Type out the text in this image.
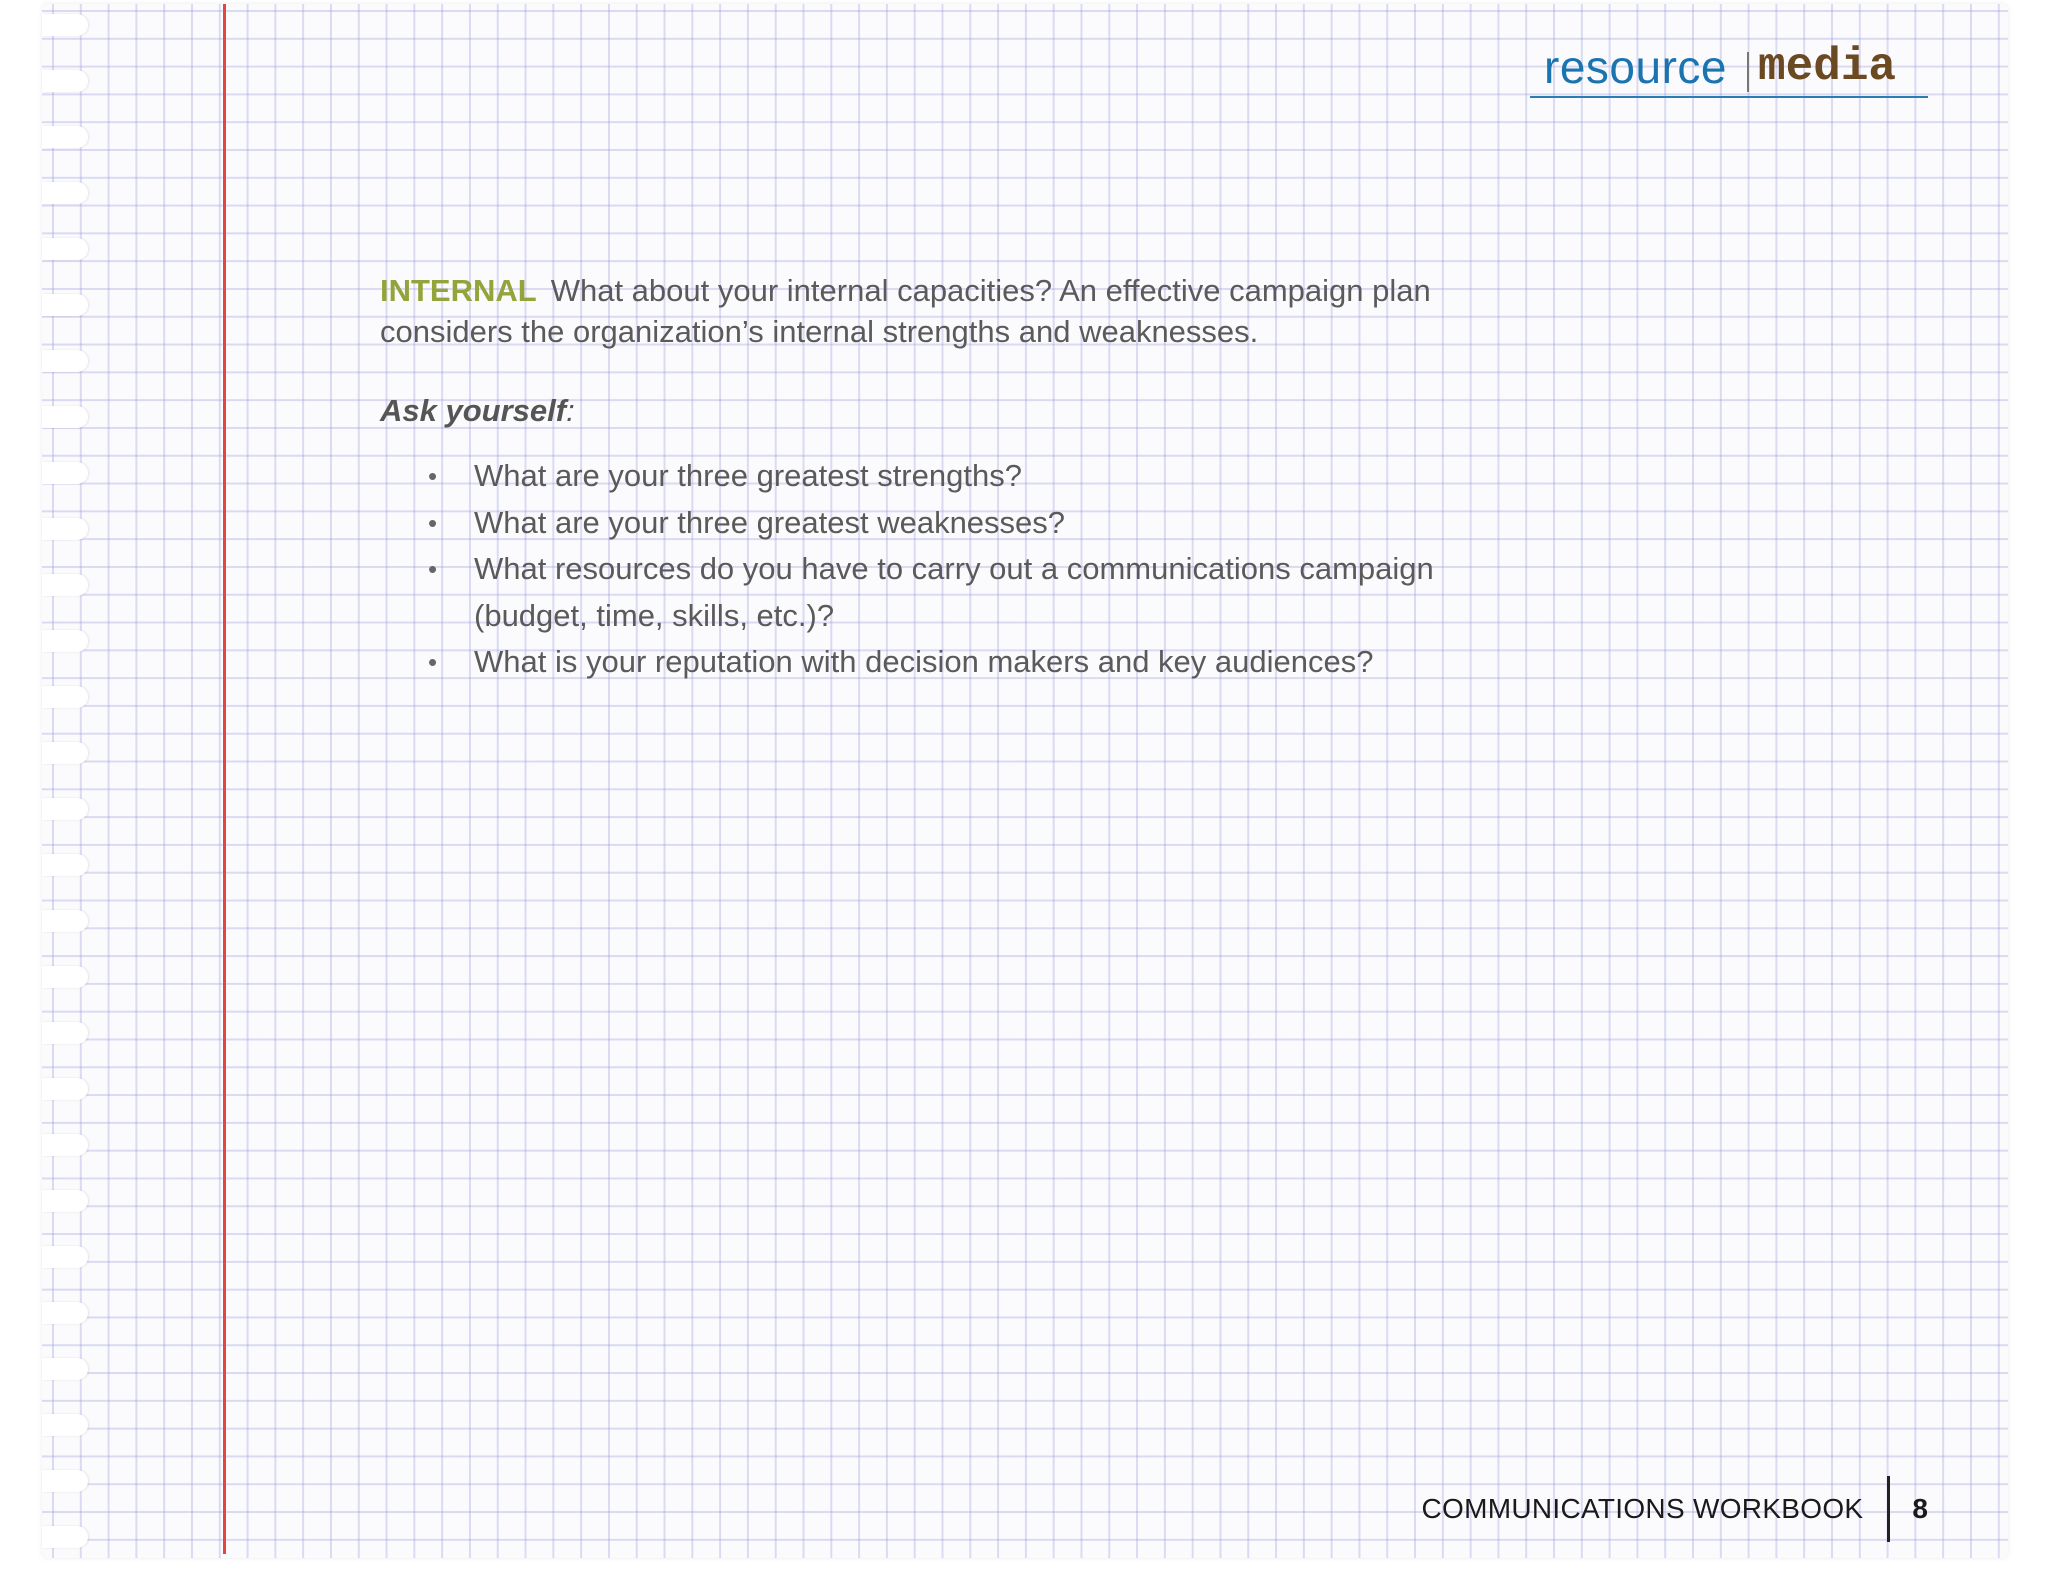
resource media

INTERNAL What about your internal capacities? An effective campaign plan considers the organization’s internal strengths and weaknesses.

Ask yourself:

• What are your three greatest strengths?
• What are your three greatest weaknesses?
• What resources do you have to carry out a communications campaign (budget, time, skills, etc.)?
• What is your reputation with decision makers and key audiences?
COMMUNICATIONS WORKBOOK 8
